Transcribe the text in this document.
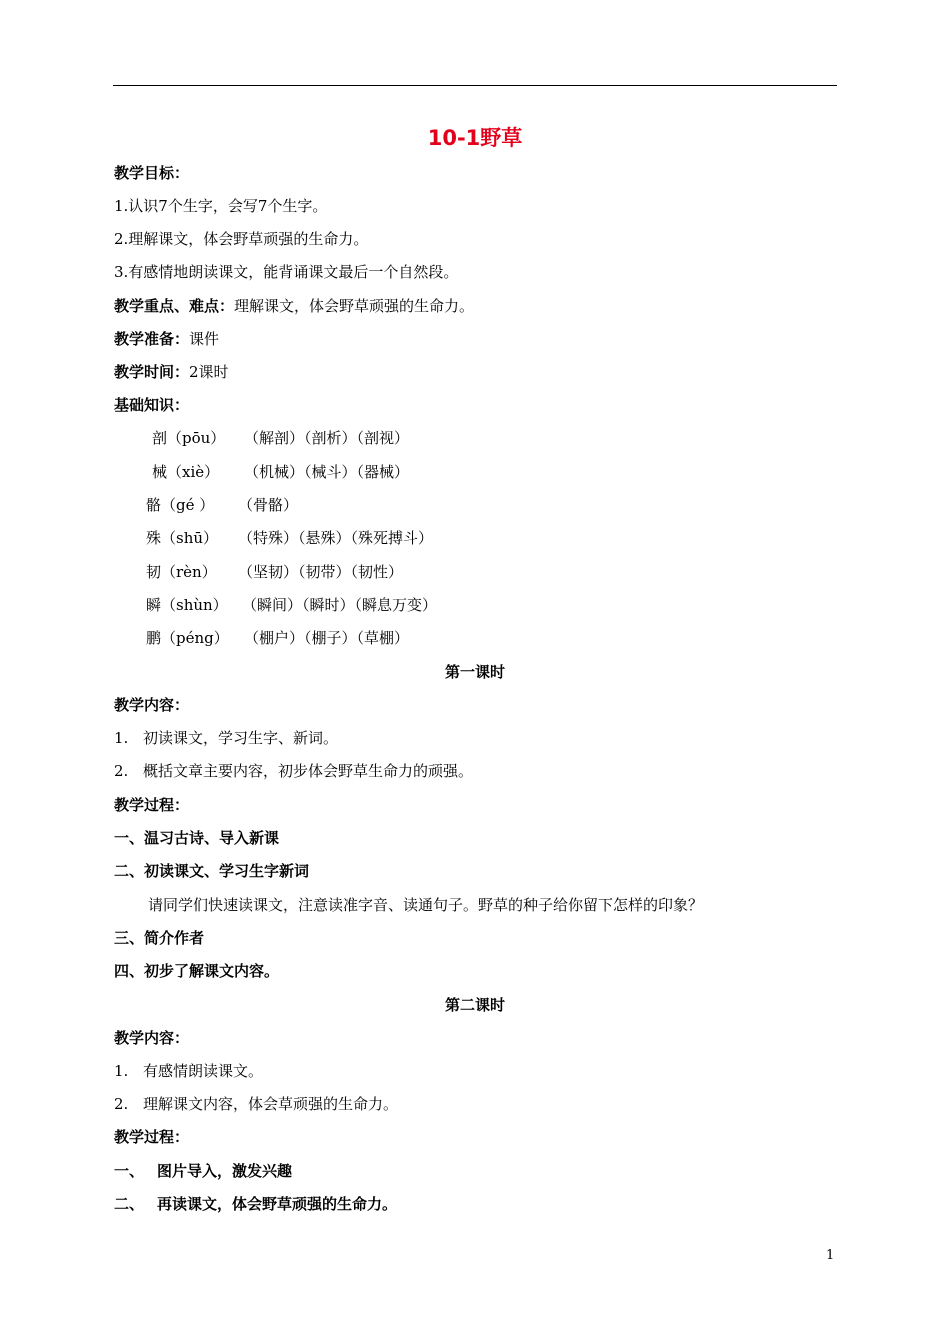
10-1野草
教学目标：
1.认识7个生字，会写7个生字。
2.理解课文，体会野草顽强的生命力。
3.有感情地朗读课文，能背诵课文最后一个自然段。
教学重点、难点：理解课文，体会野草顽强的生命力。
教学准备：课件
教学时间：2课时
基础知识：
剖（pōu） （解剖）（剖析）（剖视）
械（xiè） （机械）（械斗）（器械）
骼（gé ） （骨骼）
殊（shū） （特殊）（悬殊）（殊死搏斗）
韧（rèn） （坚韧）（韧带）（韧性）
瞬（shùn） （瞬间）（瞬时）（瞬息万变）
鹏（péng） （棚户）（棚子）（草棚）
第一课时
教学内容：
1. 初读课文，学习生字、新词。
2. 概括文章主要内容，初步体会野草生命力的顽强。
教学过程：
一、温习古诗、导入新课
二、初读课文、学习生字新词
请同学们快速读课文，注意读准字音、读通句子。野草的种子给你留下怎样的印象？
三、简介作者
四、初步了解课文内容。
第二课时
教学内容：
1. 有感情朗读课文。
2. 理解课文内容，体会草顽强的生命力。
教学过程：
一、 图片导入，激发兴趣
二、 再读课文，体会野草顽强的生命力。
1
